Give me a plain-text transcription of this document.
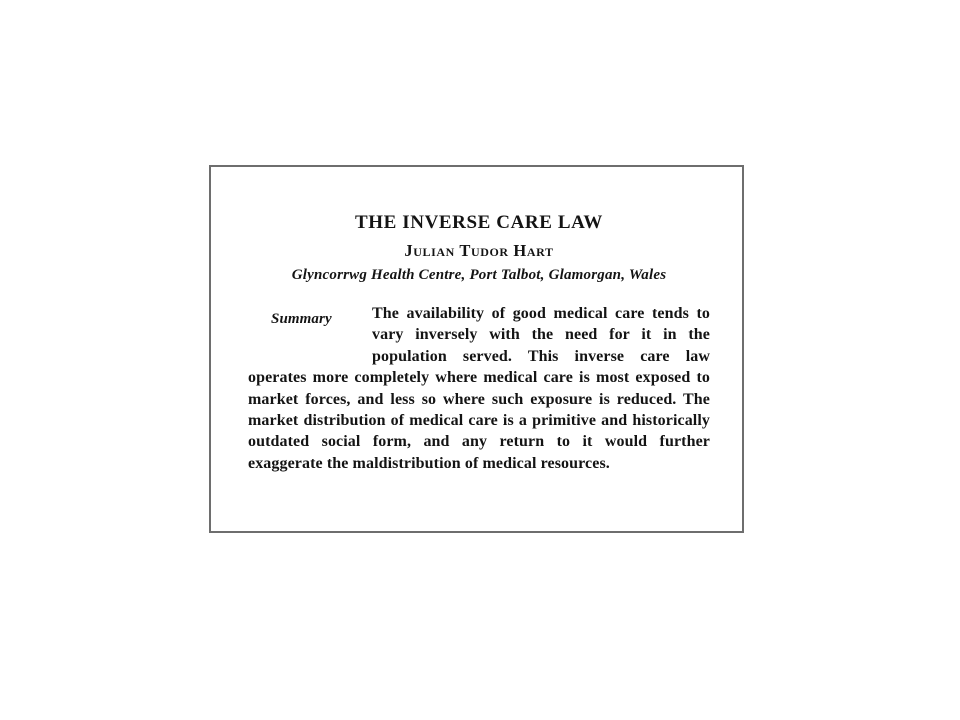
THE INVERSE CARE LAW
Julian Tudor Hart
Glyncorrwg Health Centre, Port Talbot, Glamorgan, Wales
Summary	The availability of good medical care tends to vary inversely with the need for it in the population served. This inverse care law operates more completely where medical care is most exposed to market forces, and less so where such exposure is reduced. The market distribution of medical care is a primitive and historically outdated social form, and any return to it would further exaggerate the maldistribution of medical resources.
